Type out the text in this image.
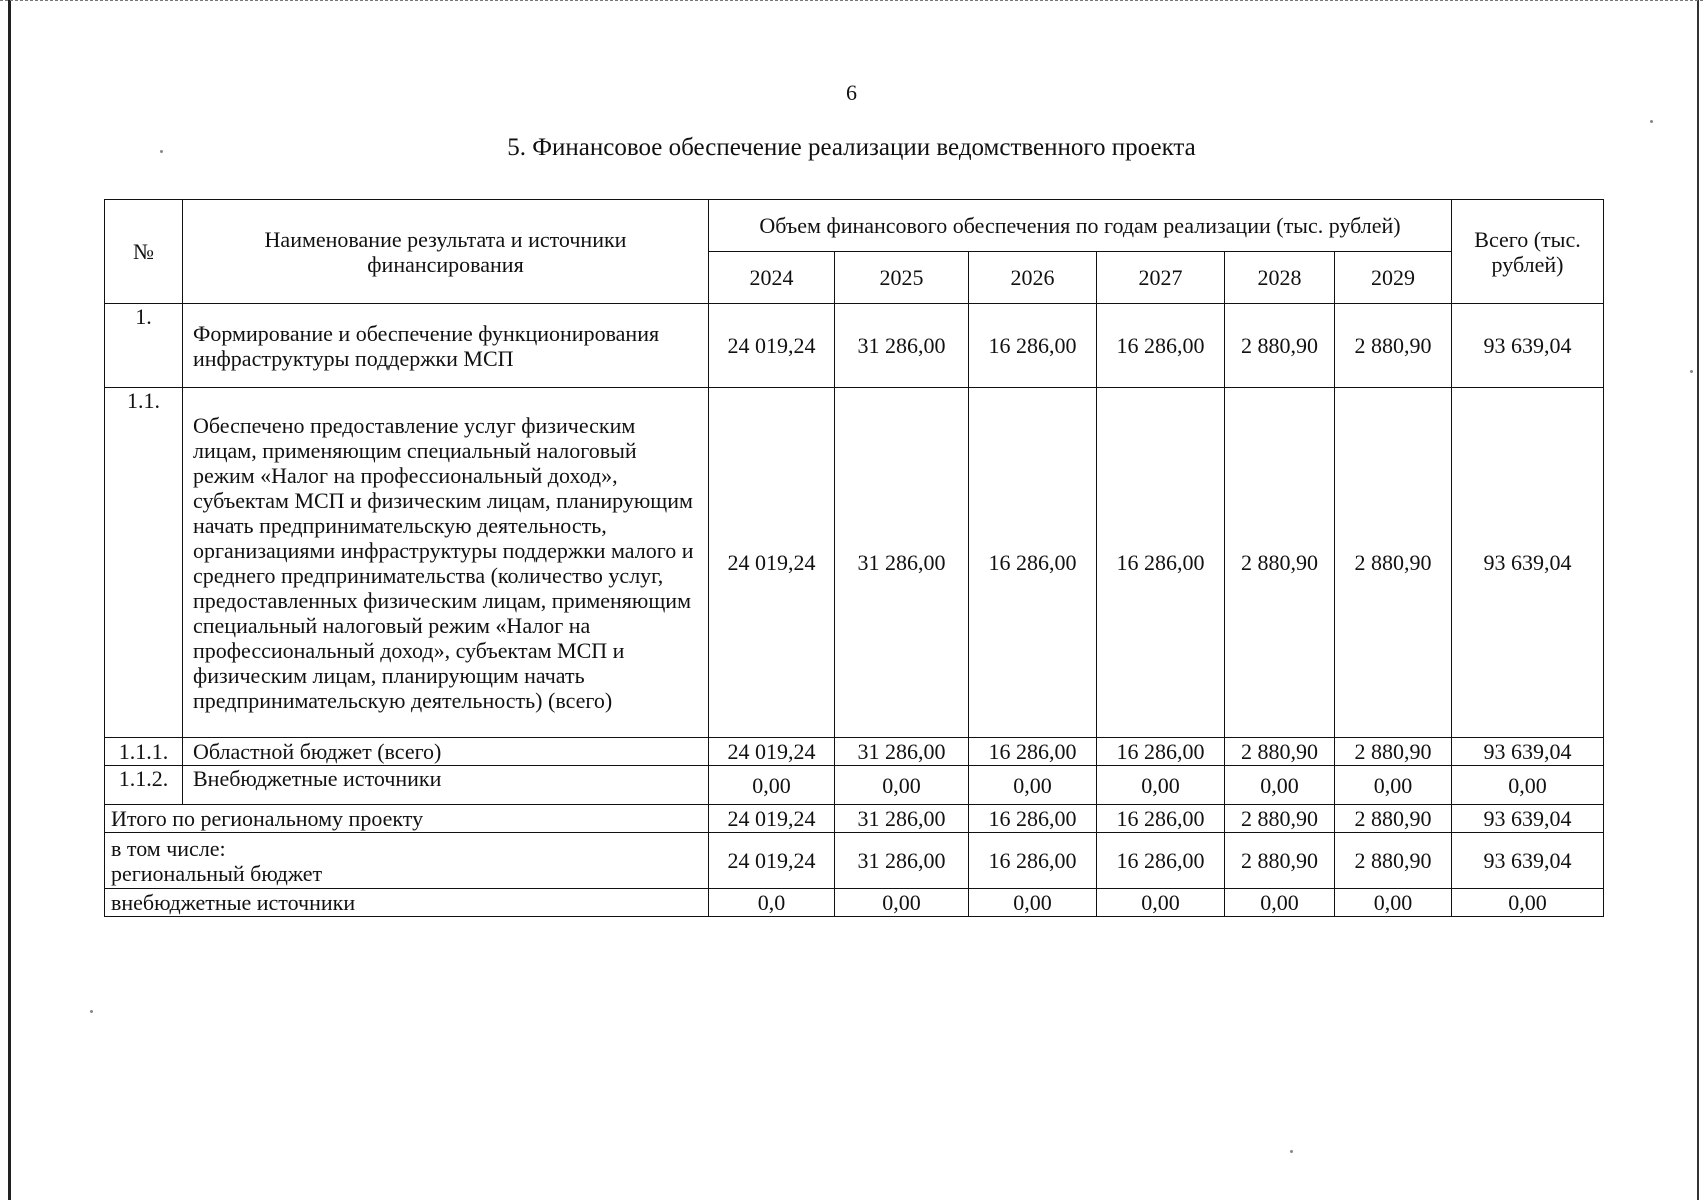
6
5. Финансовое обеспечение реализации ведомственного проекта
№	Наименование результата и источники финансирования	Объем финансового обеспечения по годам реализации (тыс. рублей)						Всего (тыс. рублей)
		2024	2025	2026	2027	2028	2029	
1.	Формирование и обеспечение функционирования инфраструктуры поддержки МСП	24 019,24	31 286,00	16 286,00	16 286,00	2 880,90	2 880,90	93 639,04
1.1.	Обеспечено предоставление услуг физическим лицам, применяющим специальный налоговый режим «Налог на профессиональный доход», субъектам МСП и физическим лицам, планирующим начать предпринимательскую деятельность, организациями инфраструктуры поддержки малого и среднего предпринимательства (количество услуг, предоставленных физическим лицам, применяющим специальный налоговый режим «Налог на профессиональный доход», субъектам МСП и физическим лицам, планирующим начать предпринимательскую деятельность) (всего)	24 019,24	31 286,00	16 286,00	16 286,00	2 880,90	2 880,90	93 639,04
1.1.1.	Областной бюджет (всего)	24 019,24	31 286,00	16 286,00	16 286,00	2 880,90	2 880,90	93 639,04
1.1.2.	Внебюджетные источники	0,00	0,00	0,00	0,00	0,00	0,00	0,00
Итого по региональному проекту		24 019,24	31 286,00	16 286,00	16 286,00	2 880,90	2 880,90	93 639,04

в том числе:
региональный бюджет		24 019,24	31 286,00	16 286,00	16 286,00	2 880,90	2 880,90	93 639,04
внебюджетные источники		0,0	0,00	0,00	0,00	0,00	0,00	0,00
